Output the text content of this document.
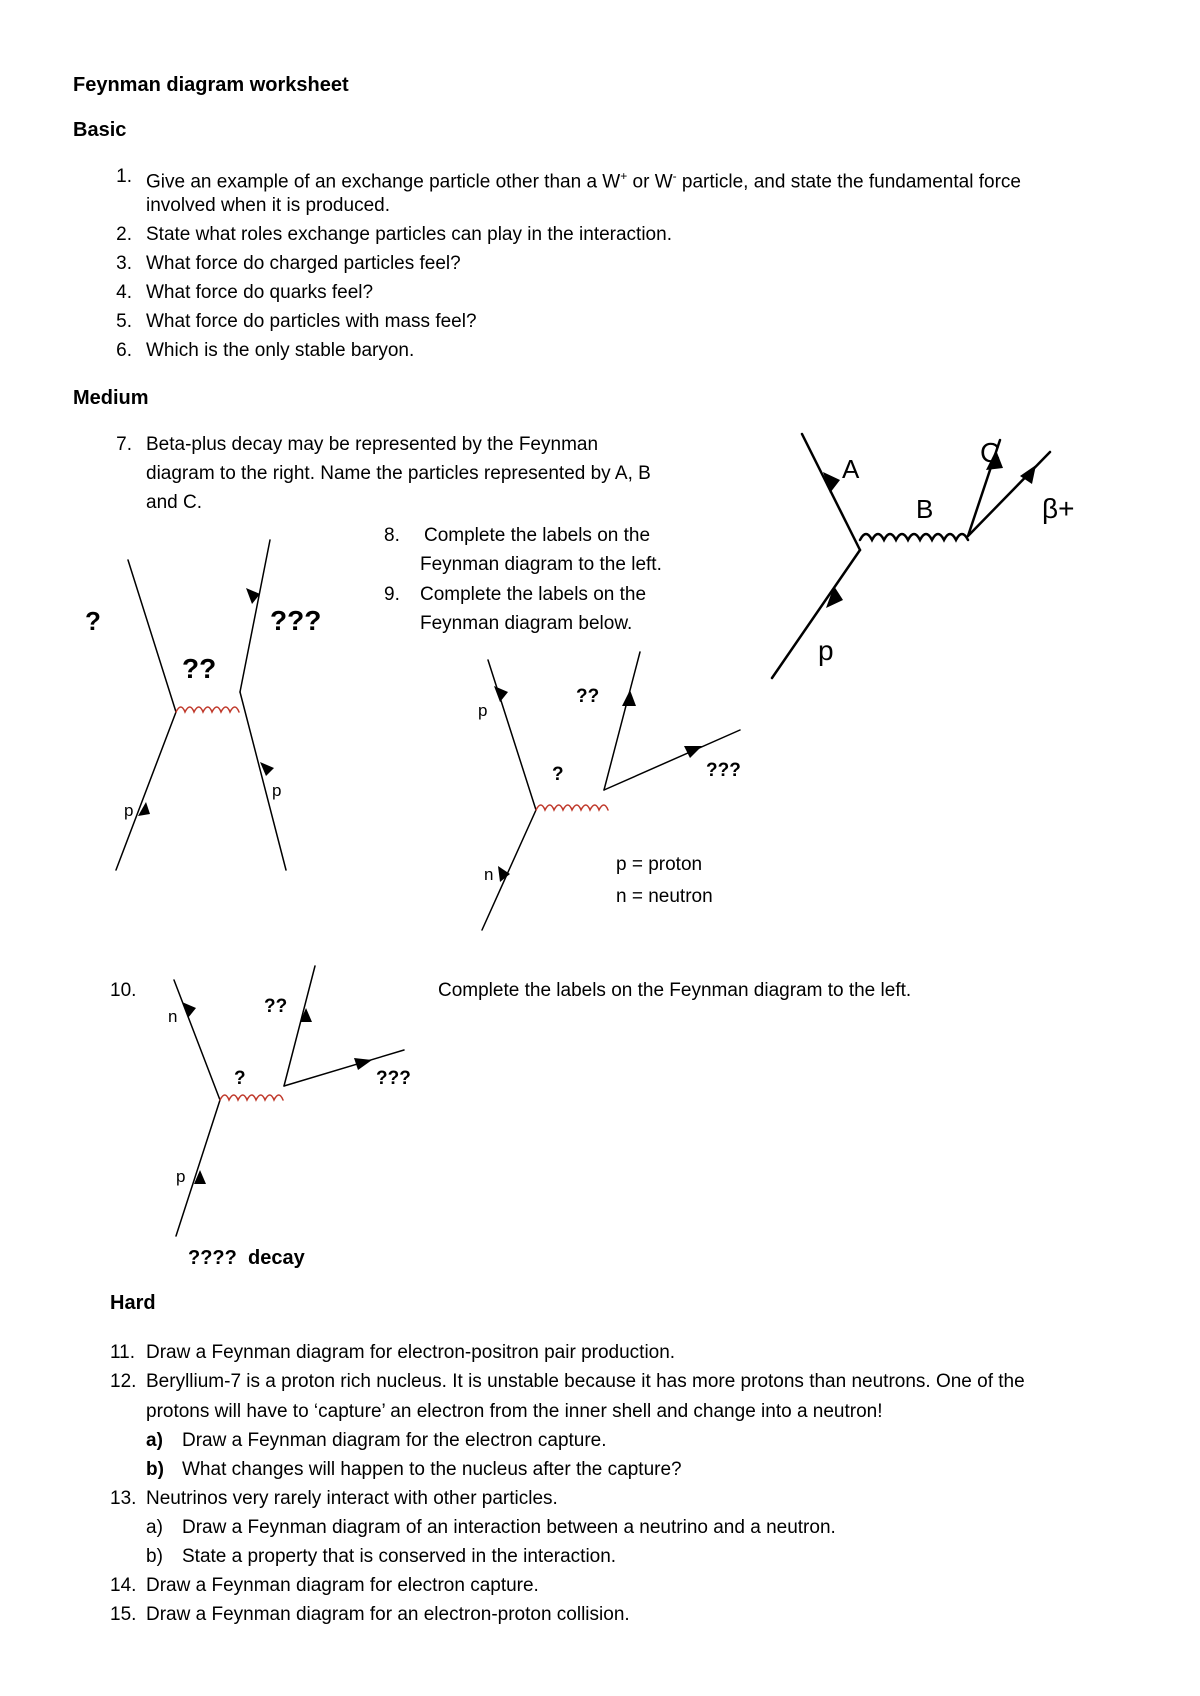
Feynman diagram worksheet
Basic
1. Give an example of an exchange particle other than a W+ or W- particle, and state the fundamental force
involved when it is produced.
2. State what roles exchange particles can play in the interaction.
3. What force do charged particles feel?
4. What force do quarks feel?
5. What force do particles with mass feel?
6. Which is the only stable baryon.
Medium
7. Beta-plus decay may be represented by the Feynman
diagram to the right. Name the particles represented by A, B
and C.
8. Complete the labels on the
Feynman diagram to the left.
9. Complete the labels on the
Feynman diagram below.
A
B
C
β+
p
?	???
??
p
p
p
??
?	???
n	p = proton
n = neutron
10.	Complete the labels on the Feynman diagram to the left.
n	??
?	???
p
????  decay
Hard
11. Draw a Feynman diagram for electron-positron pair production.
12. Beryllium-7 is a proton rich nucleus. It is unstable because it has more protons than neutrons. One of the
protons will have to ‘capture’ an electron from the inner shell and change into a neutron!
a) Draw a Feynman diagram for the electron capture.
b) What changes will happen to the nucleus after the capture?
13. Neutrinos very rarely interact with other particles.
a) Draw a Feynman diagram of an interaction between a neutrino and a neutron.
b) State a property that is conserved in the interaction.
14. Draw a Feynman diagram for electron capture.
15. Draw a Feynman diagram for an electron-proton collision.
